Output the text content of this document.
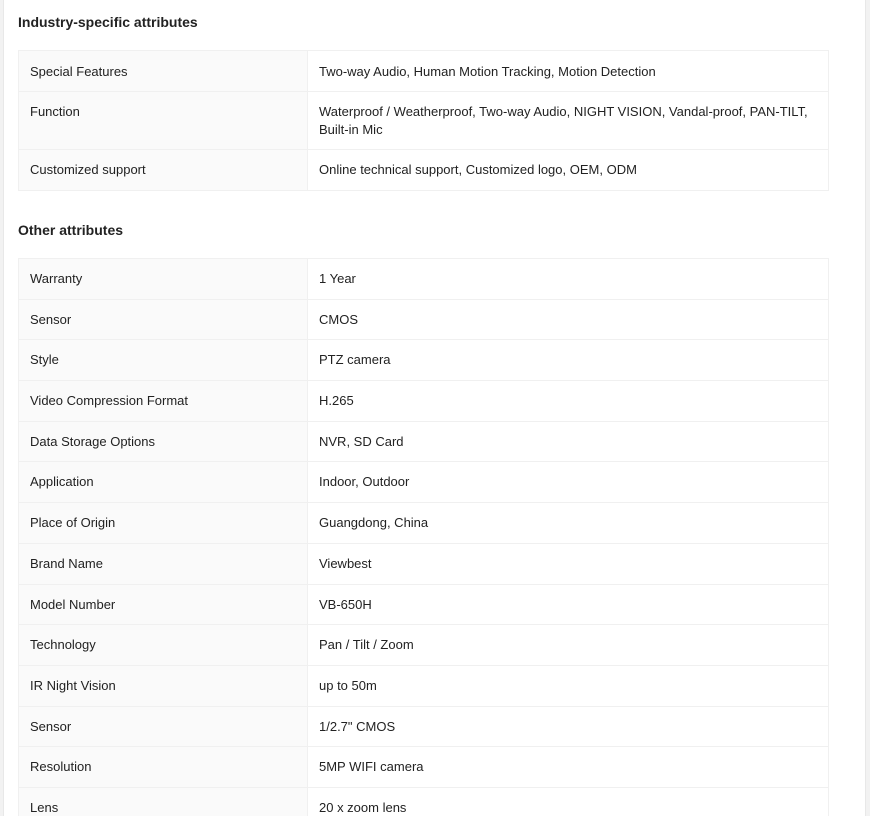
Industry-specific attributes
Special Features	Two-way Audio, Human Motion Tracking, Motion Detection
Function	Waterproof / Weatherproof, Two-way Audio, NIGHT VISION, Vandal-proof, PAN-TILT, Built-in Mic
Customized support	Online technical support, Customized logo, OEM, ODM
Other attributes
Warranty	1 Year
Sensor	CMOS
Style	PTZ camera
Video Compression Format	H.265
Data Storage Options	NVR, SD Card
Application	Indoor, Outdoor
Place of Origin	Guangdong, China
Brand Name	Viewbest
Model Number	VB-650H
Technology	Pan / Tilt / Zoom
IR Night Vision	up to 50m
Sensor	1/2.7" CMOS
Resolution	5MP WIFI camera
Lens	20 x zoom lens
